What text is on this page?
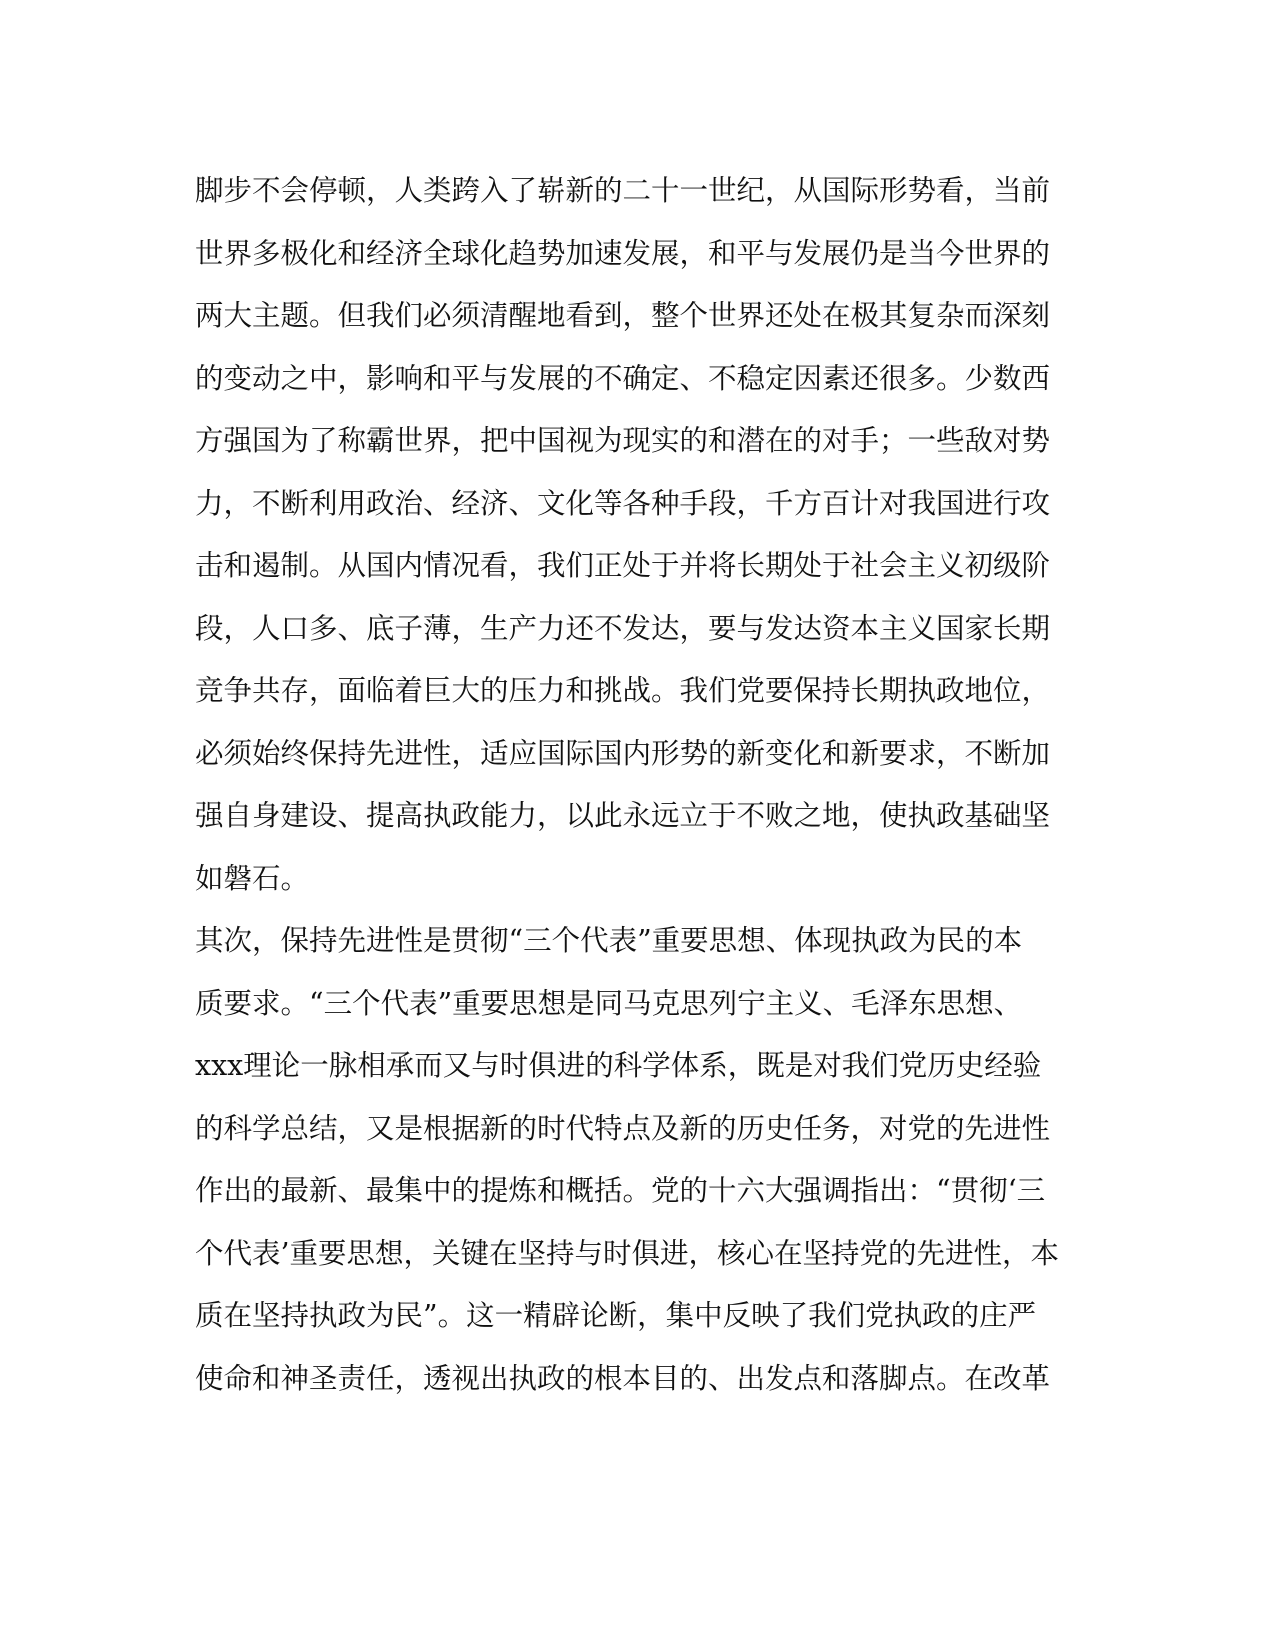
脚步不会停顿，人类跨入了崭新的二十一世纪，从国际形势看，当前
世界多极化和经济全球化趋势加速发展，和平与发展仍是当今世界的
两大主题。但我们必须清醒地看到，整个世界还处在极其复杂而深刻
的变动之中，影响和平与发展的不确定、不稳定因素还很多。少数西
方强国为了称霸世界，把中国视为现实的和潜在的对手；一些敌对势
力，不断利用政治、经济、文化等各种手段，千方百计对我国进行攻
击和遏制。从国内情况看，我们正处于并将长期处于社会主义初级阶
段，人口多、底子薄，生产力还不发达，要与发达资本主义国家长期
竞争共存，面临着巨大的压力和挑战。我们党要保持长期执政地位，
必须始终保持先进性，适应国际国内形势的新变化和新要求，不断加
强自身建设、提高执政能力，以此永远立于不败之地，使执政基础坚
如磐石。
其次，保持先进性是贯彻“三个代表”重要思想、体现执政为民的本
质要求。“三个代表”重要思想是同马克思列宁主义、毛泽东思想、
xxx理论一脉相承而又与时俱进的科学体系，既是对我们党历史经验
的科学总结，又是根据新的时代特点及新的历史任务，对党的先进性
作出的最新、最集中的提炼和概括。党的十六大强调指出：“贯彻‘三
个代表’重要思想，关键在坚持与时俱进，核心在坚持党的先进性，本
质在坚持执政为民”。这一精辟论断，集中反映了我们党执政的庄严
使命和神圣责任，透视出执政的根本目的、出发点和落脚点。在改革
